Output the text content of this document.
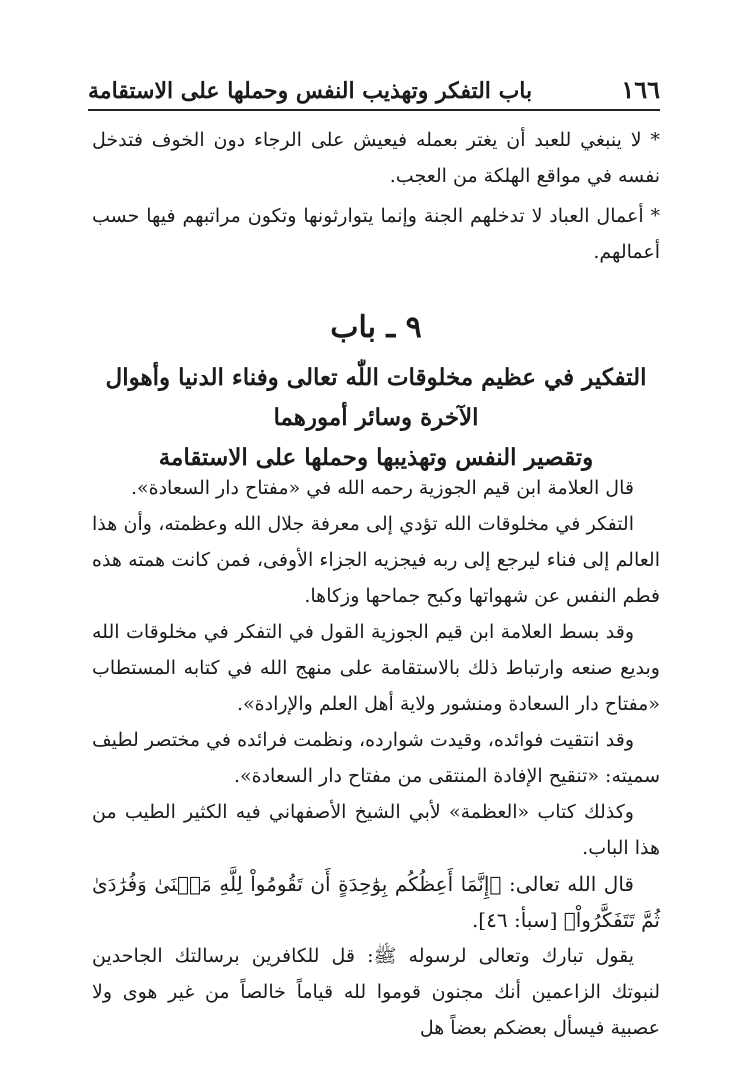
١٦٦
باب التفكر وتهذيب النفس وحملها على الاستقامة

* لا ينبغي للعبد أن يغتر بعمله فيعيش على الرجاء دون الخوف فتدخل نفسه في مواقع الهلكة من العجب.

* أعمال العباد لا تدخلهم الجنة وإنما يتوارثونها وتكون مراتبهم فيها حسب أعمالهم.

٩ ـ باب
التفكير في عظيم مخلوقات اللّٰه تعالى وفناء الدنيا وأهوال الآخرة وسائر أمورهما
وتقصير النفس وتهذيبها وحملها على الاستقامة

قال العلامة ابن قيم الجوزية رحمه الله في «مفتاح دار السعادة».

التفكر في مخلوقات الله تؤدي إلى معرفة جلال الله وعظمته، وأن هذا العالم إلى فناء ليرجع إلى ربه فيجزيه الجزاء الأوفى، فمن كانت همته هذه فطم النفس عن شهواتها وكبح جماحها وزكاها.

وقد بسط العلامة ابن قيم الجوزية القول في التفكر في مخلوقات الله وبديع صنعه وارتباط ذلك بالاستقامة على منهج الله في كتابه المستطاب «مفتاح دار السعادة ومنشور ولاية أهل العلم والإرادة».

وقد انتقيت فوائده، وقيدت شوارده، ونظمت فرائده في مختصر لطيف سميته: «تنقيح الإفادة المنتقى من مفتاح دار السعادة».

وكذلك كتاب «العظمة» لأبي الشيخ الأصفهاني فيه الكثير الطيب من هذا الباب.

قال الله تعالى: ﴿إِنَّمَا أَعِظُكُم بِوَٰحِدَةٍ أَن تَقُومُواْ لِلَّهِ مَثۡنَىٰ وَفُرَٰدَىٰ ثُمَّ تَتَفَكَّرُواْ﴾ [سبأ: ٤٦].

يقول تبارك وتعالى لرسوله ﷺ: قل للكافرين برسالتك الجاحدين لنبوتك الزاعمين أنك مجنون قوموا لله قياماً خالصاً من غير هوى ولا عصبية فيسأل بعضكم بعضاً هل
